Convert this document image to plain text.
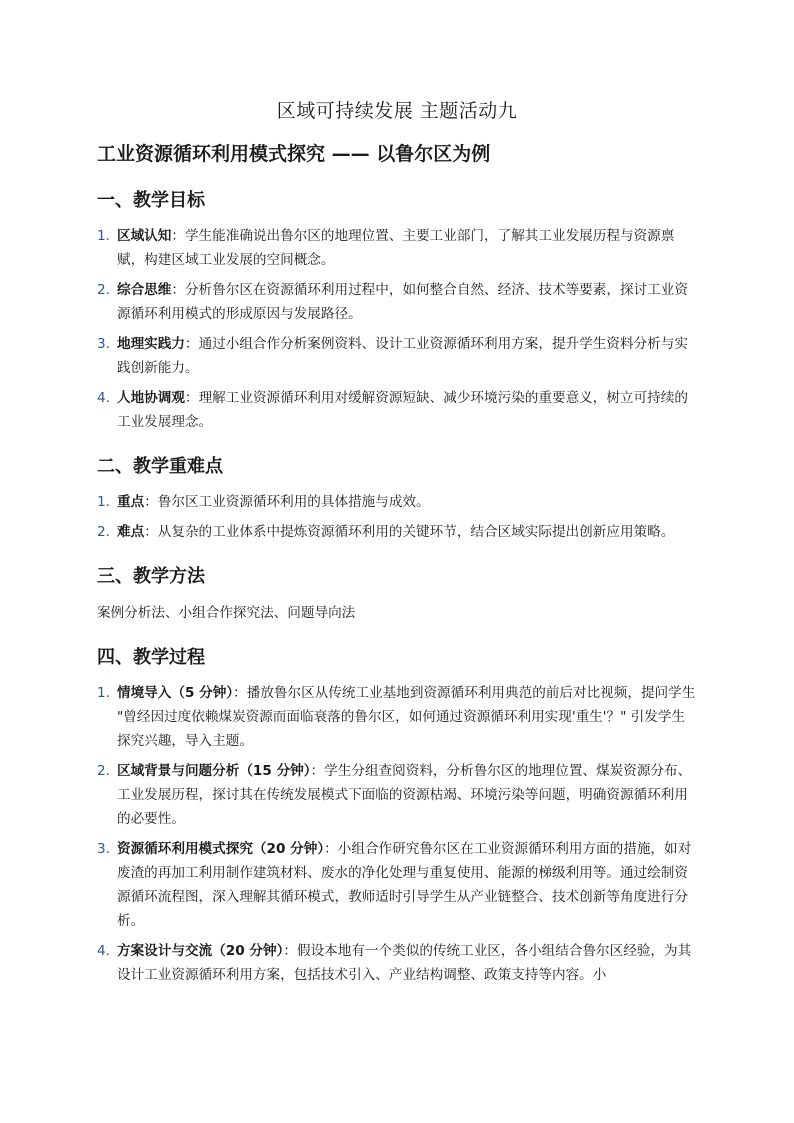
区域可持续发展 主题活动九
工业资源循环利用模式探究 —— 以鲁尔区为例
一、教学目标
1. 区域认知：学生能准确说出鲁尔区的地理位置、主要工业部门，了解其工业发展历程与资源禀赋，构建区域工业发展的空间概念。
2. 综合思维：分析鲁尔区在资源循环利用过程中，如何整合自然、经济、技术等要素，探讨工业资源循环利用模式的形成原因与发展路径。
3. 地理实践力：通过小组合作分析案例资料、设计工业资源循环利用方案，提升学生资料分析与实践创新能力。
4. 人地协调观：理解工业资源循环利用对缓解资源短缺、减少环境污染的重要意义，树立可持续的工业发展理念。
二、教学重难点
1. 重点：鲁尔区工业资源循环利用的具体措施与成效。
2. 难点：从复杂的工业体系中提炼资源循环利用的关键环节，结合区域实际提出创新应用策略。
三、教学方法

案例分析法、小组合作探究法、问题导向法

四、教学过程
1. 情境导入（5 分钟）：播放鲁尔区从传统工业基地到资源循环利用典范的前后对比视频，提问学生 "曾经因过度依赖煤炭资源而面临衰落的鲁尔区，如何通过资源循环利用实现'重生'？" 引发学生探究兴趣，导入主题。
2. 区域背景与问题分析（15 分钟）：学生分组查阅资料，分析鲁尔区的地理位置、煤炭资源分布、工业发展历程，探讨其在传统发展模式下面临的资源枯竭、环境污染等问题，明确资源循环利用的必要性。
3. 资源循环利用模式探究（20 分钟）：小组合作研究鲁尔区在工业资源循环利用方面的措施，如对废渣的再加工利用制作建筑材料、废水的净化处理与重复使用、能源的梯级利用等。通过绘制资源循环流程图，深入理解其循环模式，教师适时引导学生从产业链整合、技术创新等角度进行分析。
4. 方案设计与交流（20 分钟）：假设本地有一个类似的传统工业区，各小组结合鲁尔区经验，为其设计工业资源循环利用方案，包括技术引入、产业结构调整、政策支持等内容。小
